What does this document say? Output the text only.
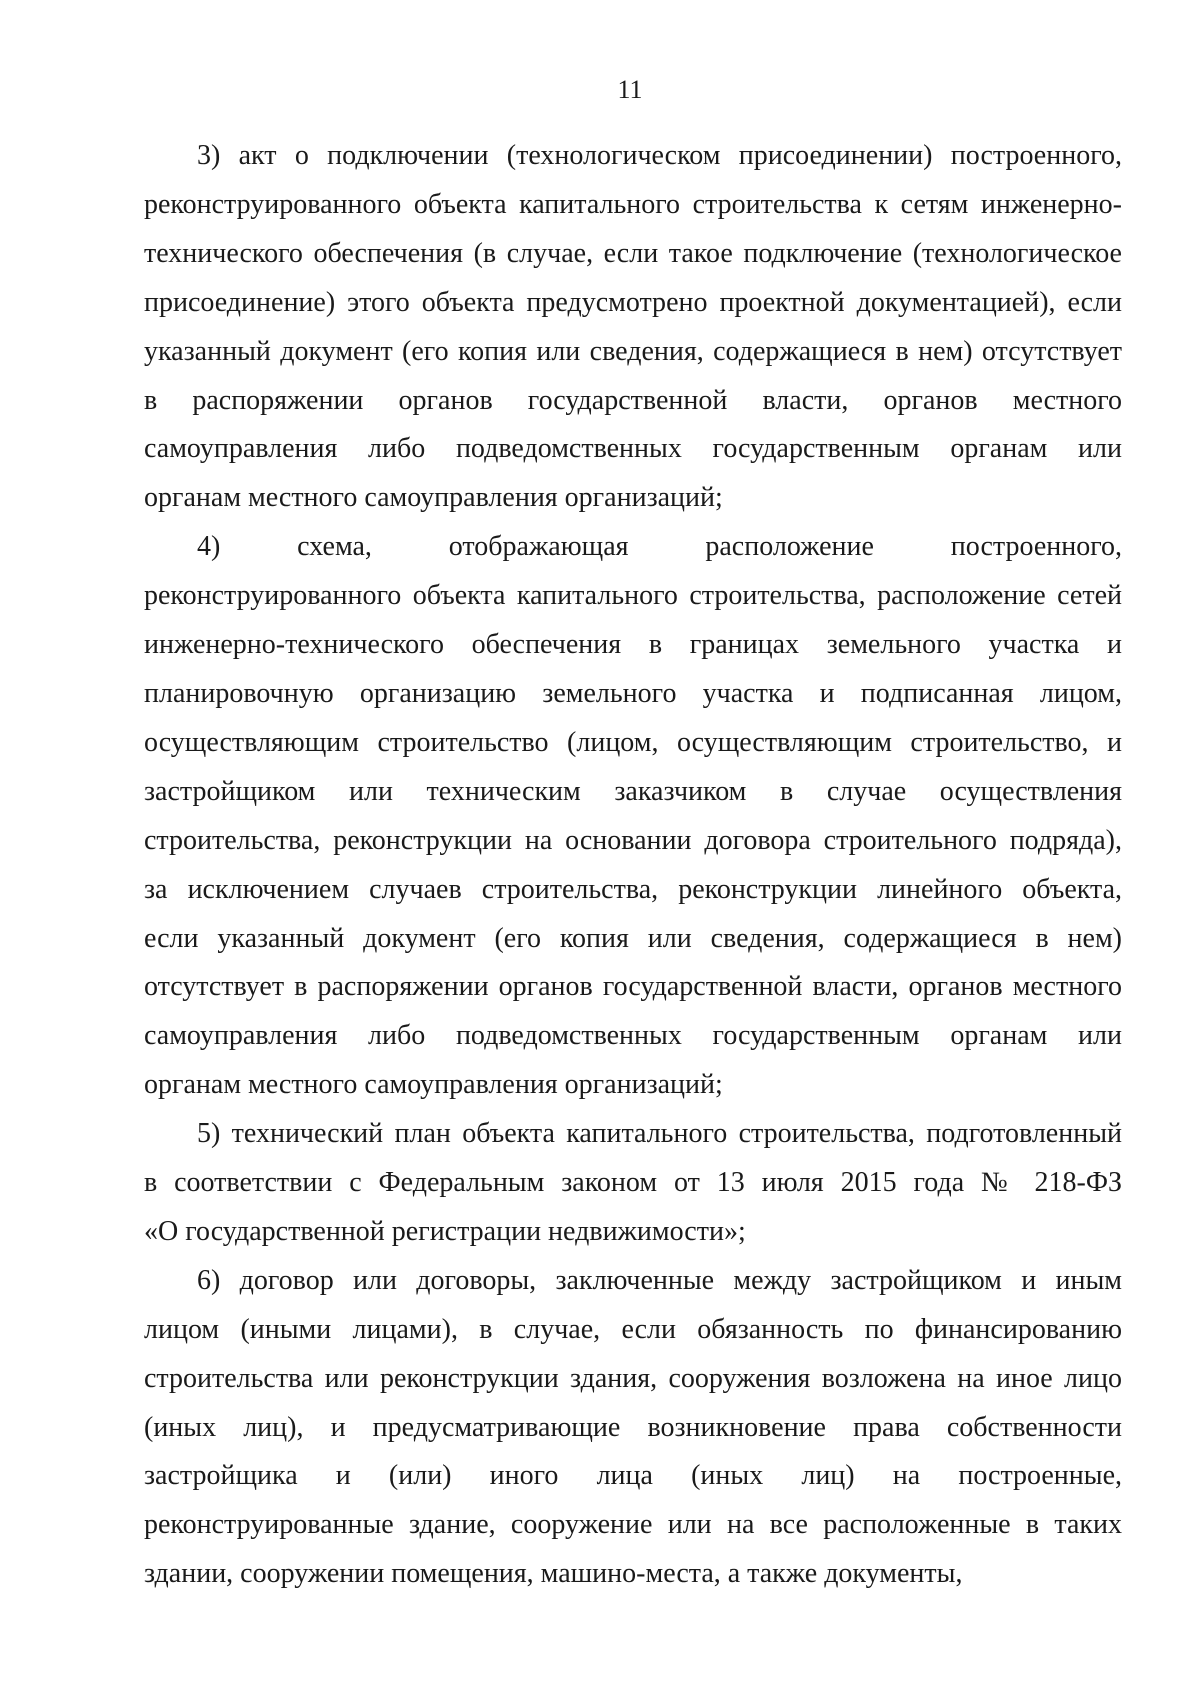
11
3) акт о подключении (технологическом присоединении) построенного,
реконструированного объекта капитального строительства к сетям инженерно-
технического обеспечения (в случае, если такое подключение (технологическое
присоединение) этого объекта предусмотрено проектной документацией), если
указанный документ (его копия или сведения, содержащиеся в нем) отсутствует
в распоряжении органов государственной власти, органов местного
самоуправления либо подведомственных государственным органам или
органам местного самоуправления организаций;
4) схема, отображающая расположение построенного,
реконструированного объекта капитального строительства, расположение сетей
инженерно-технического обеспечения в границах земельного участка и
планировочную организацию земельного участка и подписанная лицом,
осуществляющим строительство (лицом, осуществляющим строительство, и
застройщиком или техническим заказчиком в случае осуществления
строительства, реконструкции на основании договора строительного подряда),
за исключением случаев строительства, реконструкции линейного объекта,
если указанный документ (его копия или сведения, содержащиеся в нем)
отсутствует в распоряжении органов государственной власти, органов местного
самоуправления либо подведомственных государственным органам или
органам местного самоуправления организаций;
5) технический план объекта капитального строительства, подготовленный
в соответствии с Федеральным законом от 13 июля 2015 года № 218-ФЗ
«О государственной регистрации недвижимости»;
6) договор или договоры, заключенные между застройщиком и иным
лицом (иными лицами), в случае, если обязанность по финансированию
строительства или реконструкции здания, сооружения возложена на иное лицо
(иных лиц), и предусматривающие возникновение права собственности
застройщика и (или) иного лица (иных лиц) на построенные,
реконструированные здание, сооружение или на все расположенные в таких
здании, сооружении помещения, машино-места, а также документы,
